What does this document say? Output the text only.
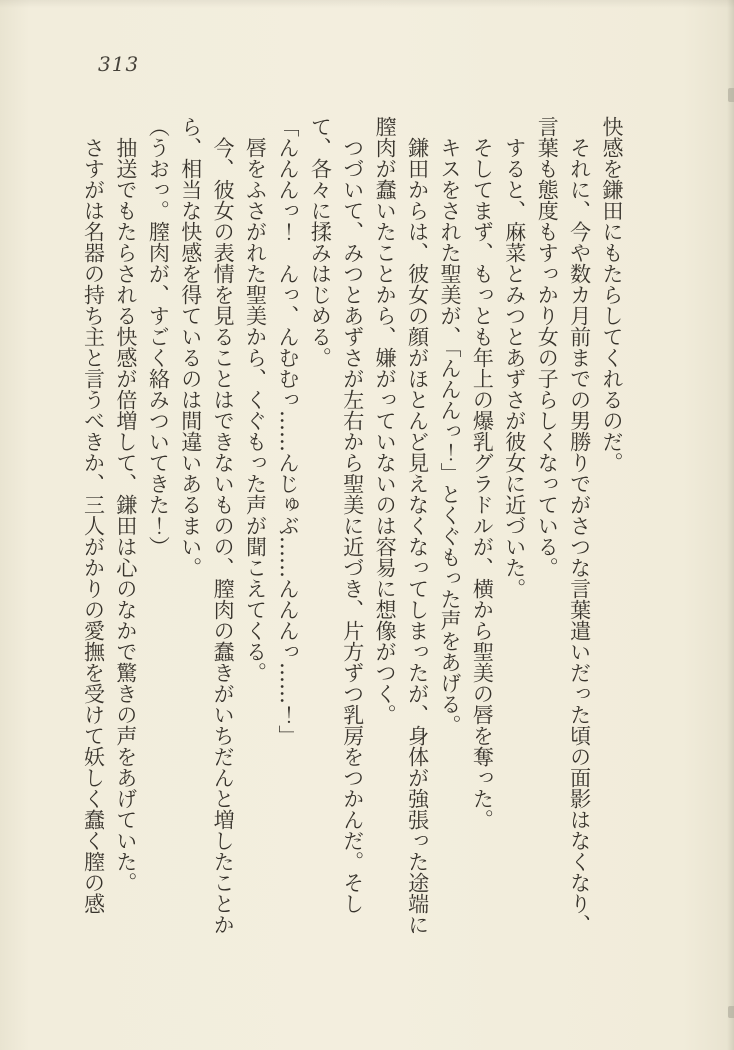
313

快感を鎌田にもたらしてくれるのだ。

それに、今や数カ月前までの男勝りでがさつな言葉遣いだった頃の面影はなくなり、言葉も態度もすっかり女の子らしくなっている。

すると、麻菜とみつとあずさが彼女に近づいた。

そしてまず、もっとも年上の爆乳グラドルが、横から聖美の唇を奪った。

キスをされた聖美が、「んんんっ！」とくぐもった声をあげる。

鎌田からは、彼女の顔がほとんど見えなくなってしまったが、身体が強張った途端に膣肉が蠢いたことから、嫌がっていないのは容易に想像がつく。

つづいて、みつとあずさが左右から聖美に近づき、片方ずつ乳房をつかんだ。そして、各々に揉みはじめる。

「んんんっ！　んっ、んむむっ……んじゅぶ……んんんっ……！」

唇をふさがれた聖美から、くぐもった声が聞こえてくる。

今、彼女の表情を見ることはできないものの、膣肉の蠢きがいちだんと増したことから、相当な快感を得ているのは間違いあるまい。

（うおっ。膣肉が、すごく絡みついてきた！）

抽送でもたらされる快感が倍増して、鎌田は心のなかで驚きの声をあげていた。

さすがは名器の持ち主と言うべきか、三人がかりの愛撫を受けて妖しく蠢く膣の感
